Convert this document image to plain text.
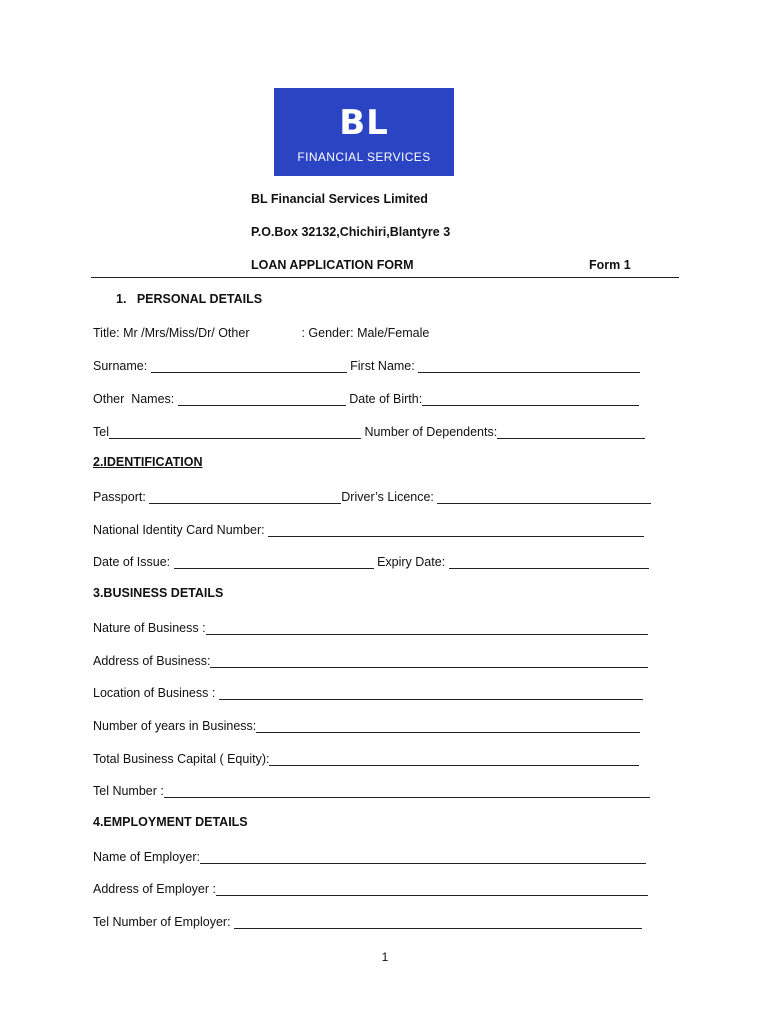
BL
FINANCIAL SERVICES
BL Financial Services Limited
P.O.Box 32132,Chichiri,Blantyre 3
LOAN APPLICATION FORM	Form 1
1.   PERSONAL DETAILS
Title: Mr /Mrs/Miss/Dr/ Other	: Gender: Male/Female
Surname:	First Name:
Other  Names:	Date of Birth:
Tel	Number of Dependents:
2.IDENTIFICATION
Passport:	Driver’s Licence:
National Identity Card Number:
Date of Issue:	Expiry Date:
3.BUSINESS DETAILS
Nature of Business :
Address of Business:
Location of Business :
Number of years in Business:
Total Business Capital ( Equity):
Tel Number :
4.EMPLOYMENT DETAILS
Name of Employer:
Address of Employer :
Tel Number of Employer:
1
